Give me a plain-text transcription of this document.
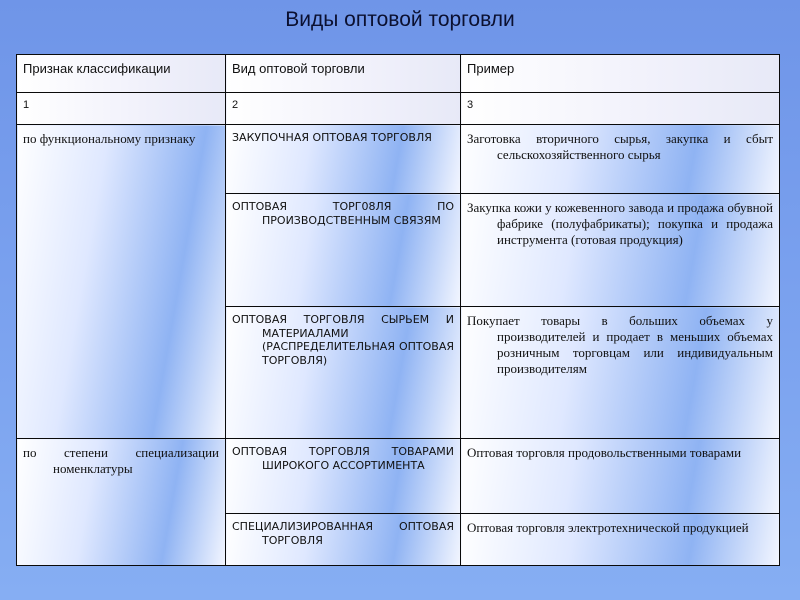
Виды оптовой торговли
Признак классификации	Вид оптовой торговли	Пример
1	2	3

по функциональному признаку	ЗАКУПОЧНАЯ ОПТОВАЯ ТОРГОВЛЯ	Заготовка вторичного сырья, закупка и сбыт сельскохозяйственного сырья

	ОПТОВАЯ ТОРГ08ЛЯ ПО ПРОИЗВОДСТВЕННЫМ СВЯЗЯМ	Закупка кожи у кожевенного завода и продажа обувной фабрике (полуфабрикаты); покупка и продажа инструмента (готовая продукция)

	ОПТОВАЯ ТОРГОВЛЯ СЫРЬЕМ И МАТЕРИАЛАМИ (РАСПРЕДЕЛИТЕЛЬНАЯ ОПТОВАЯ ТОРГОВЛЯ)	Покупает товары в больших объемах у производителей и продает в меньших объемах розничным торговцам или индивидуальным производителям

по степени специализации номенклатуры	ОПТОВАЯ ТОРГОВЛЯ ТОВАРАМИ ШИРОКОГО АССОРТИМЕНТА	Оптовая торговля продовольственными товарами

	СПЕЦИАЛИЗИРОВАННАЯ ОПТОВАЯ ТОРГОВЛЯ	Оптовая торговля электротехнической продукцией
